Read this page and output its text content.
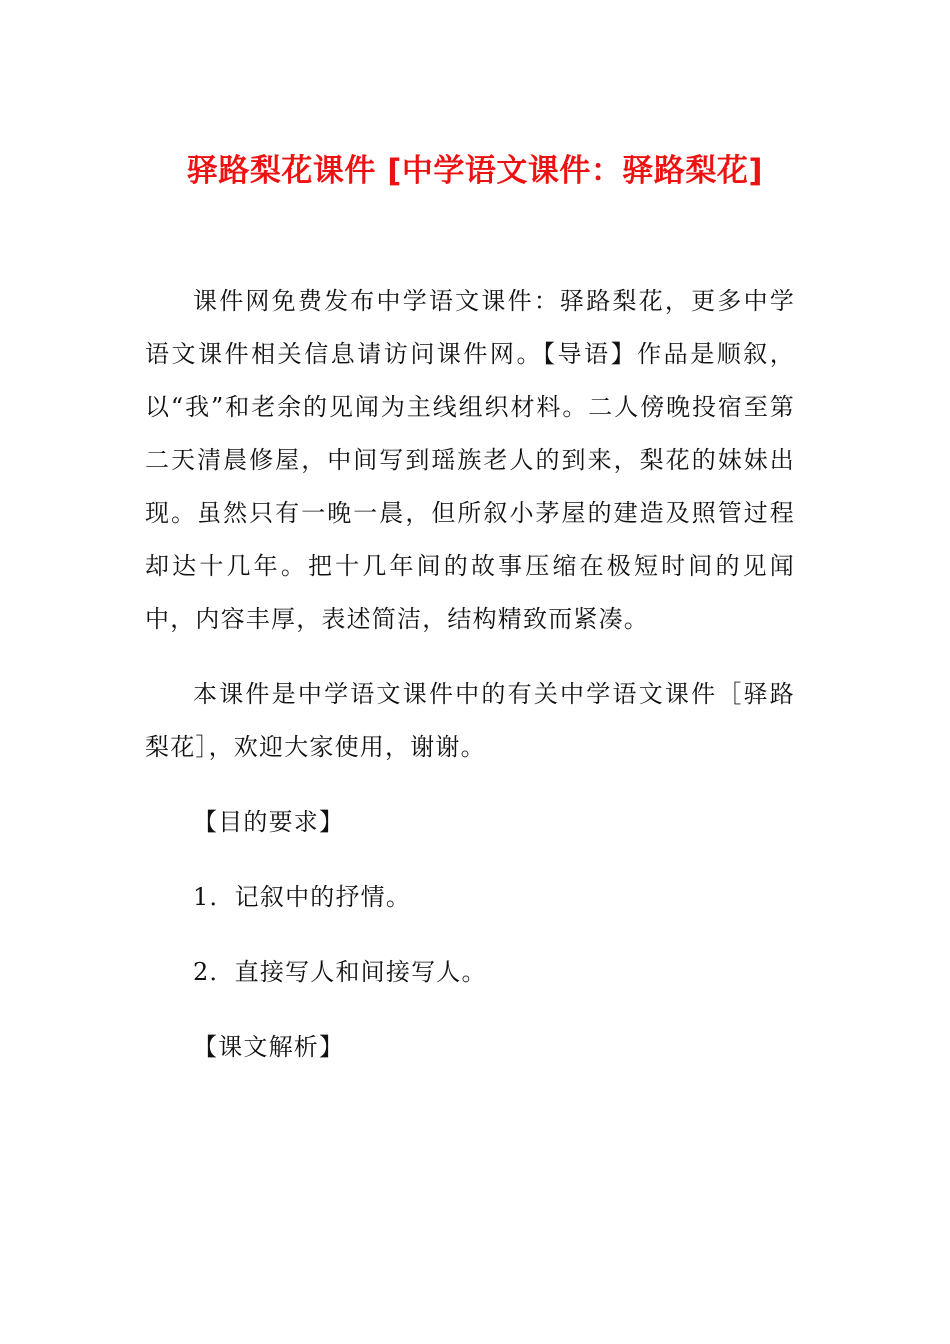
驿路梨花课件 [中学语文课件：驿路梨花]

课件网免费发布中学语文课件：驿路梨花，更多中学语文课件相关信息请访问课件网。【导语】作品是顺叙，以“我”和老余的见闻为主线组织材料。二人傍晚投宿至第二天清晨修屋，中间写到瑶族老人的到来，梨花的妹妹出现。虽然只有一晚一晨，但所叙小茅屋的建造及照管过程却达十几年。把十几年间的故事压缩在极短时间的见闻中，内容丰厚，表述简洁，结构精致而紧凑。

本课件是中学语文课件中的有关中学语文课件［驿路梨花］，欢迎大家使用，谢谢。

【目的要求】

1．记叙中的抒情。

2．直接写人和间接写人。

【课文解析】
